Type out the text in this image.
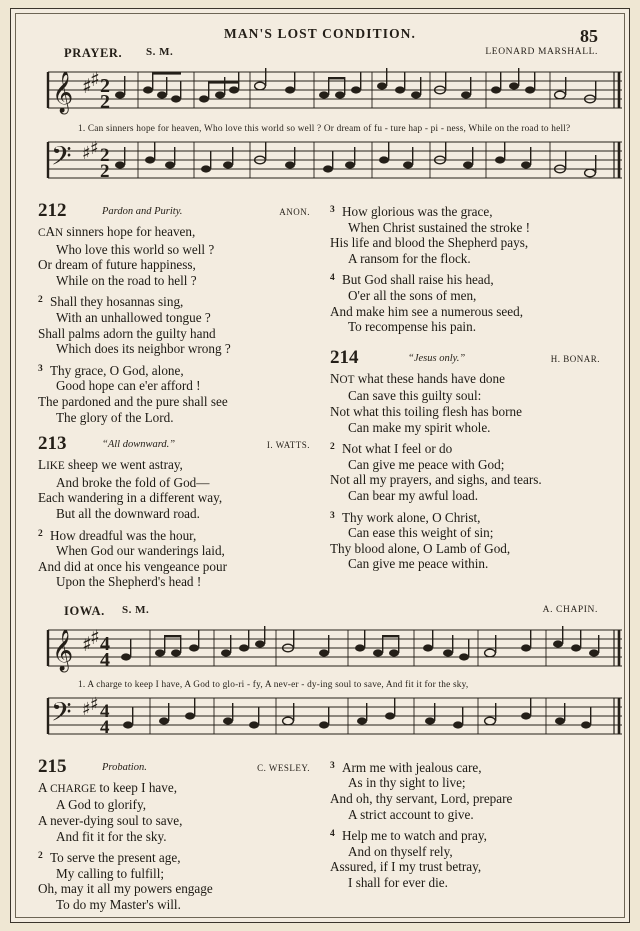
MAN'S LOST CONDITION.	85
PRAYER. S. M.	LEONARD MARSHALL.
𝄞 ♯
♯ 2
2
1. Can sinners hope for heaven, Who love this world so well ? Or dream of fu - ture hap - pi - ness, While on the road to hell?
𝄢 ♯ ♯ 2
2
212	Pardon and Purity.	ANON.
CAN sinners hope for heaven,
Who love this world so well ?
Or dream of future happiness,
While on the road to hell ?
2 Shall they hosannas sing,
With an unhallowed tongue ?
Shall palms adorn the guilty hand
Which does its neighbor wrong ?
3 Thy grace, O God, alone,
Good hope can e'er afford !
The pardoned and the pure shall see
The glory of the Lord.
213	“All downward.”	I. WATTS.
LIKE sheep we went astray,
And broke the fold of God—
Each wandering in a different way,
But all the downward road.
2 How dreadful was the hour,
When God our wanderings laid,
And did at once his vengeance pour
Upon the Shepherd's head !
3 How glorious was the grace,
When Christ sustained the stroke !
His life and blood the Shepherd pays,
A ransom for the flock.
4 But God shall raise his head,
O'er all the sons of men,
And make him see a numerous seed,
To recompense his pain.
214	“Jesus only.”	H. BONAR.
NOT what these hands have done
Can save this guilty soul:
Not what this toiling flesh has borne
Can make my spirit whole.
2 Not what I feel or do
Can give me peace with God;
Not all my prayers, and sighs, and tears.
Can bear my awful load.
3 Thy work alone, O Christ,
Can ease this weight of sin;
Thy blood alone, O Lamb of God,
Can give me peace within.
IOWA. S. M.	A. CHAPIN.
𝄞 ♯
♯ 4
4
1. A charge to keep I have, A God to glo-ri - fy, A nev-er - dy-ing soul to save, And fit it for the sky,
𝄢 ♯ ♯ 4
4
215	Probation.	C. WESLEY.
A CHARGE to keep I have,
A God to glorify,
A never-dying soul to save,
And fit it for the sky.
2 To serve the present age,
My calling to fulfill;
Oh, may it all my powers engage
To do my Master's will.
3 Arm me with jealous care,
As in thy sight to live;
And oh, thy servant, Lord, prepare
A strict account to give.
4 Help me to watch and pray,
And on thyself rely,
Assured, if I my trust betray,
I shall for ever die.
